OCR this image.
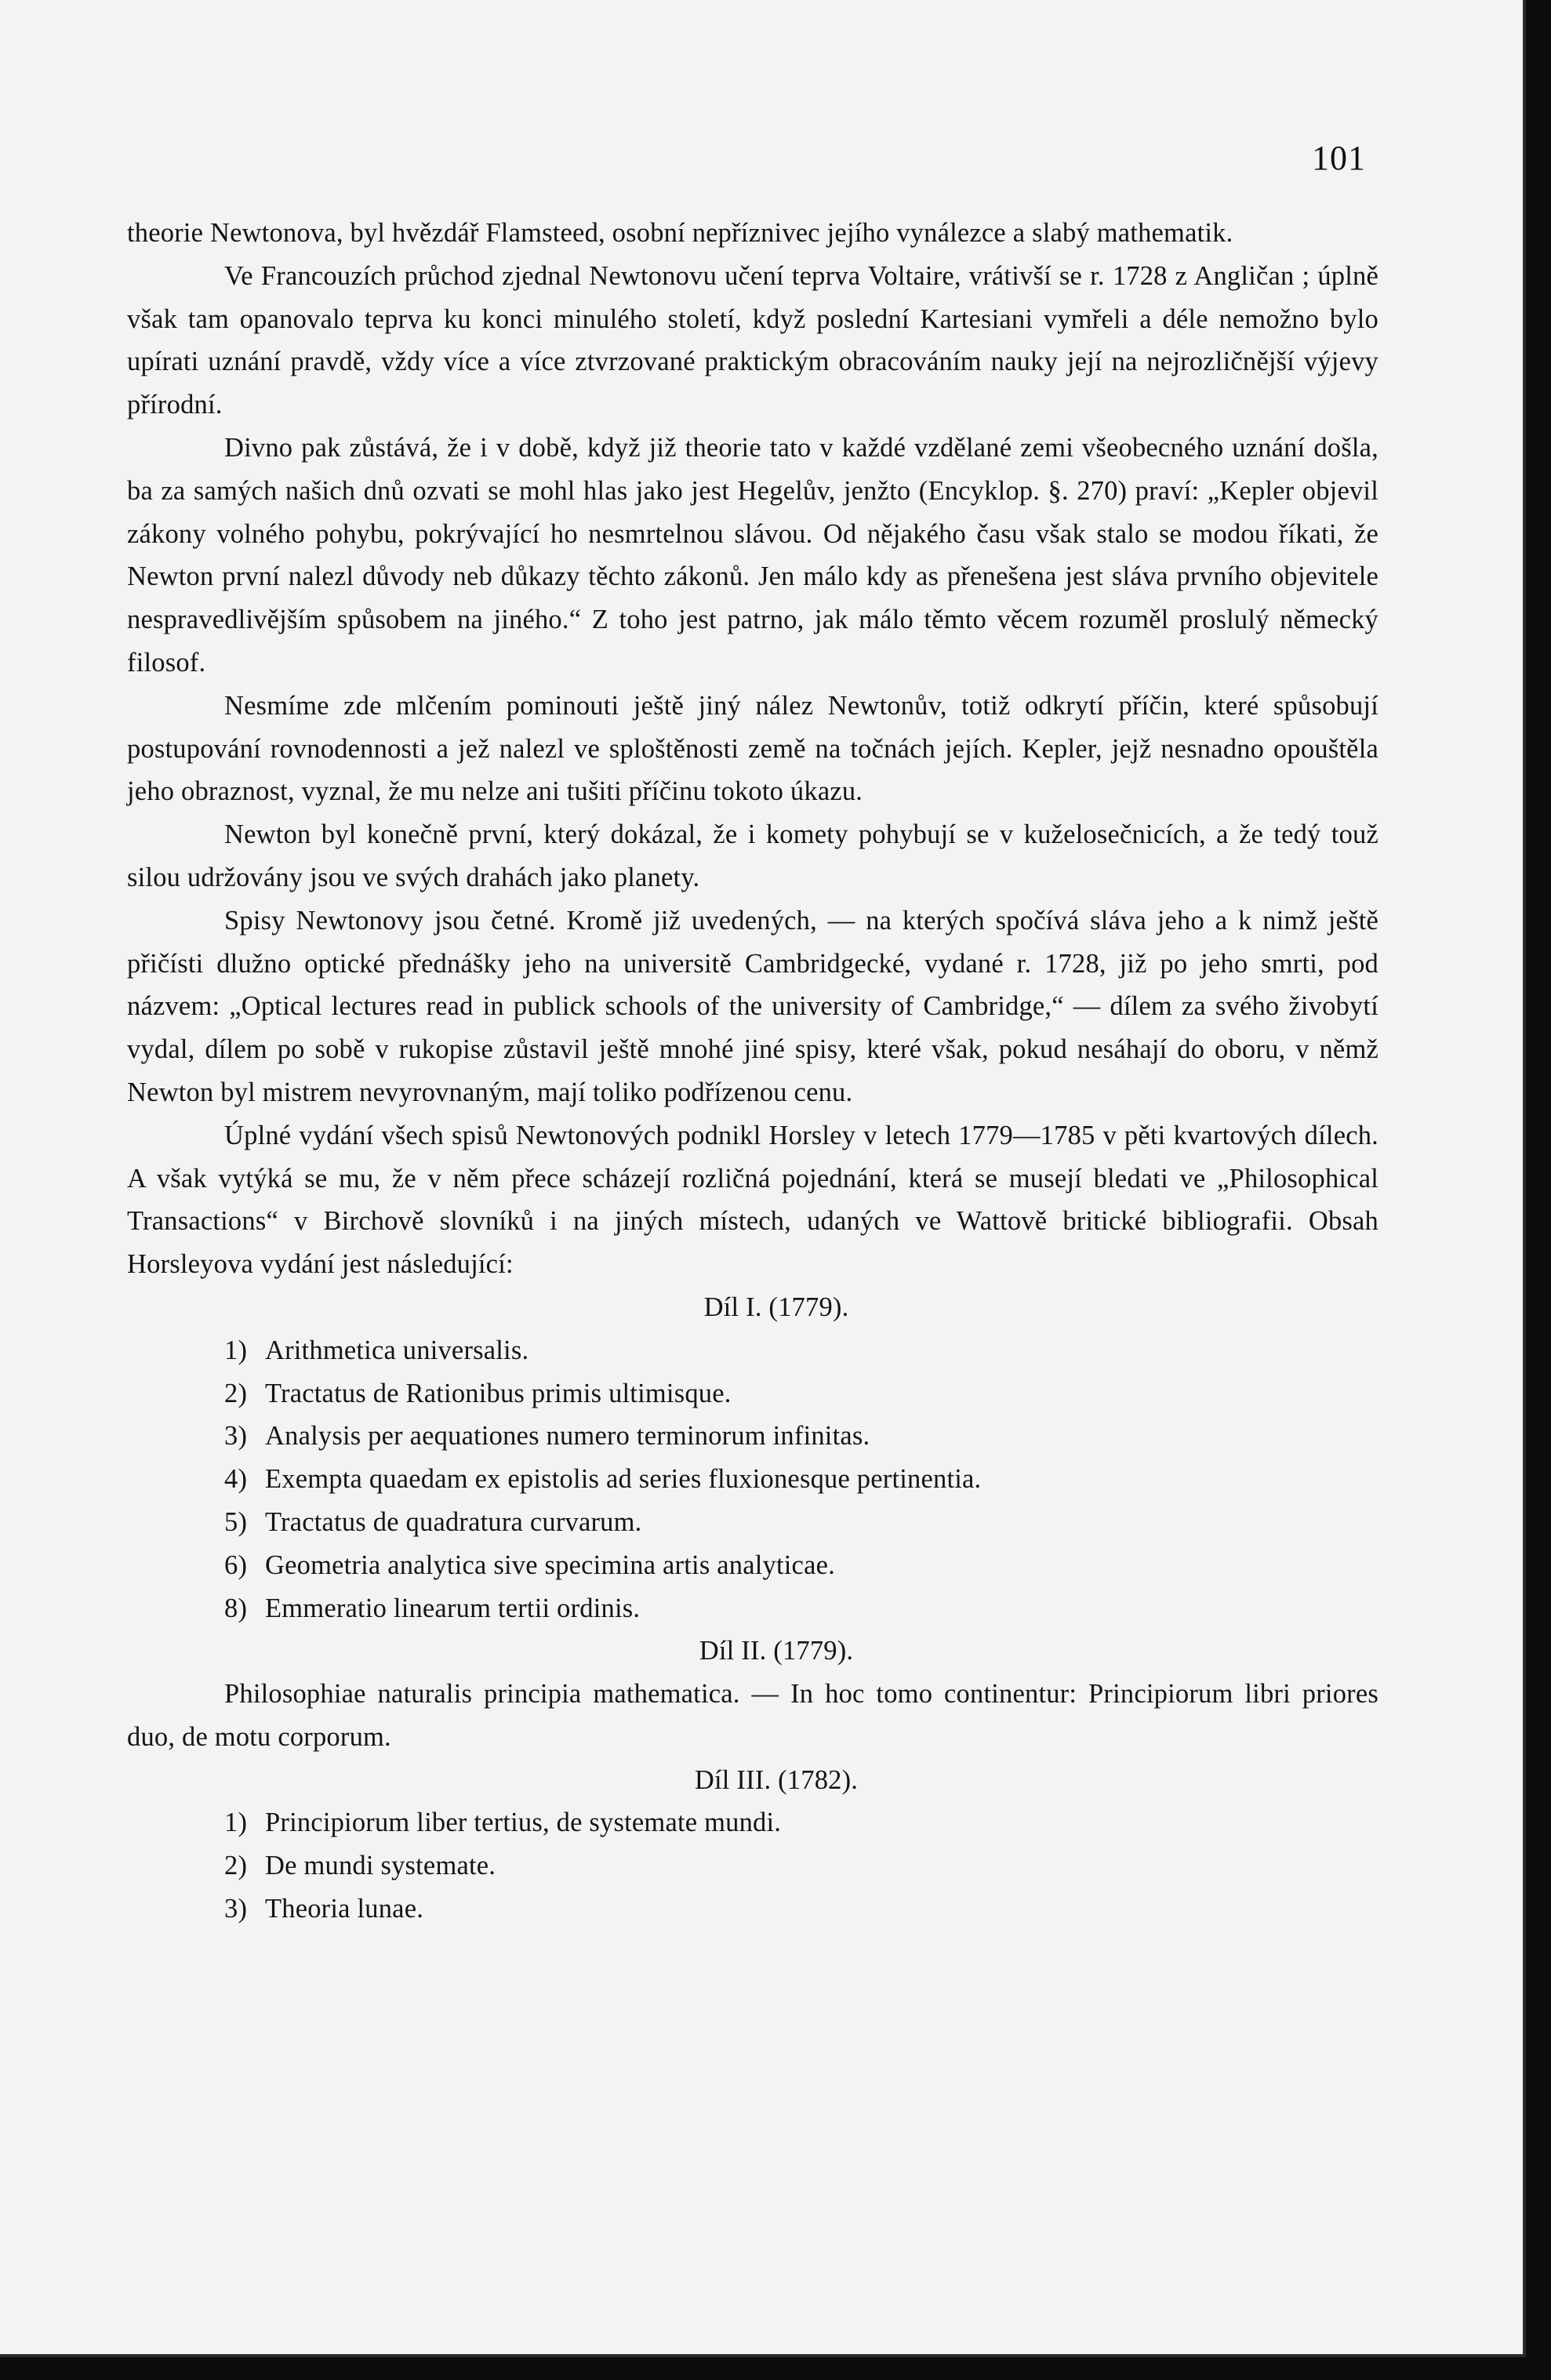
101

theorie Newtonova, byl hvězdář Flamsteed, osobní nepříznivec jejího vynálezce a slabý mathematik.

Ve Francouzích průchod zjednal Newtonovu učení teprva Voltaire, vrátivší se r. 1728 z Angličan ; úplně však tam opanovalo teprva ku konci minulého století, když poslední Kartesiani vymřeli a déle nemožno bylo upírati uznání pravdě, vždy více a více ztvrzované praktickým obracováním nauky její na nejrozličnější výjevy přírodní.

Divno pak zůstává, že i v době, když již theorie tato v každé vzdělané zemi všeobecného uznání došla, ba za samých našich dnů ozvati se mohl hlas jako jest Hegelův, jenžto (Encyklop. §. 270) praví: „Kepler objevil zákony volného pohybu, pokrývající ho nesmrtelnou slávou. Od nějakého času však stalo se modou říkati, že Newton první nalezl důvody neb důkazy těchto zákonů. Jen málo kdy as přenešena jest sláva prvního objevitele nespravedlivějším spůsobem na jiného.“ Z toho jest patrno, jak málo těmto věcem rozuměl proslulý německý filosof.

Nesmíme zde mlčením pominouti ještě jiný nález Newtonův, totiž odkrytí příčin, které spůsobují postupování rovnodennosti a jež nalezl ve sploštěnosti země na točnách jejích. Kepler, jejž nesnadno opouštěla jeho obraznost, vyznal, že mu nelze ani tušiti příčinu tokoto úkazu.

Newton byl konečně první, který dokázal, že i komety pohybují se v kuželosečnicích, a že tedý touž silou udržovány jsou ve svých drahách jako planety.

Spisy Newtonovy jsou četné. Kromě již uvedených, — na kterých spočívá sláva jeho a k nimž ještě přičísti dlužno optické přednášky jeho na universitě Cambridgecké, vydané r. 1728, již po jeho smrti, pod názvem: „Optical lectures read in publick schools of the university of Cambridge,“ — dílem za svého živobytí vydal, dílem po sobě v rukopise zůstavil ještě mnohé jiné spisy, které však, pokud nesáhají do oboru, v němž Newton byl mistrem nevyrovnaným, mají toliko podřízenou cenu.

Úplné vydání všech spisů Newtonových podnikl Horsley v letech 1779—1785 v pěti kvartových dílech. A však vytýká se mu, že v něm přece scházejí rozličná pojednání, která se musejí bledati ve „Philosophical Transactions“ v Birchově slovníků i na jiných místech, udaných ve Wattově britické bibliografii. Obsah Horsleyova vydání jest následující:

Díl I. (1779).
1) Arithmetica universalis.
2) Tractatus de Rationibus primis ultimisque.
3) Analysis per aequationes numero terminorum infinitas.
4) Exempta quaedam ex epistolis ad series fluxionesque pertinentia.
5) Tractatus de quadratura curvarum.
6) Geometria analytica sive specimina artis analyticae.
8) Emmeratio linearum tertii ordinis.
Díl II. (1779).

Philosophiae naturalis principia mathematica. — In hoc tomo continentur: Principiorum libri priores duo, de motu corporum.

Díl III. (1782).
1) Principiorum liber tertius, de systemate mundi.
2) De mundi systemate.
3) Theoria lunae.
